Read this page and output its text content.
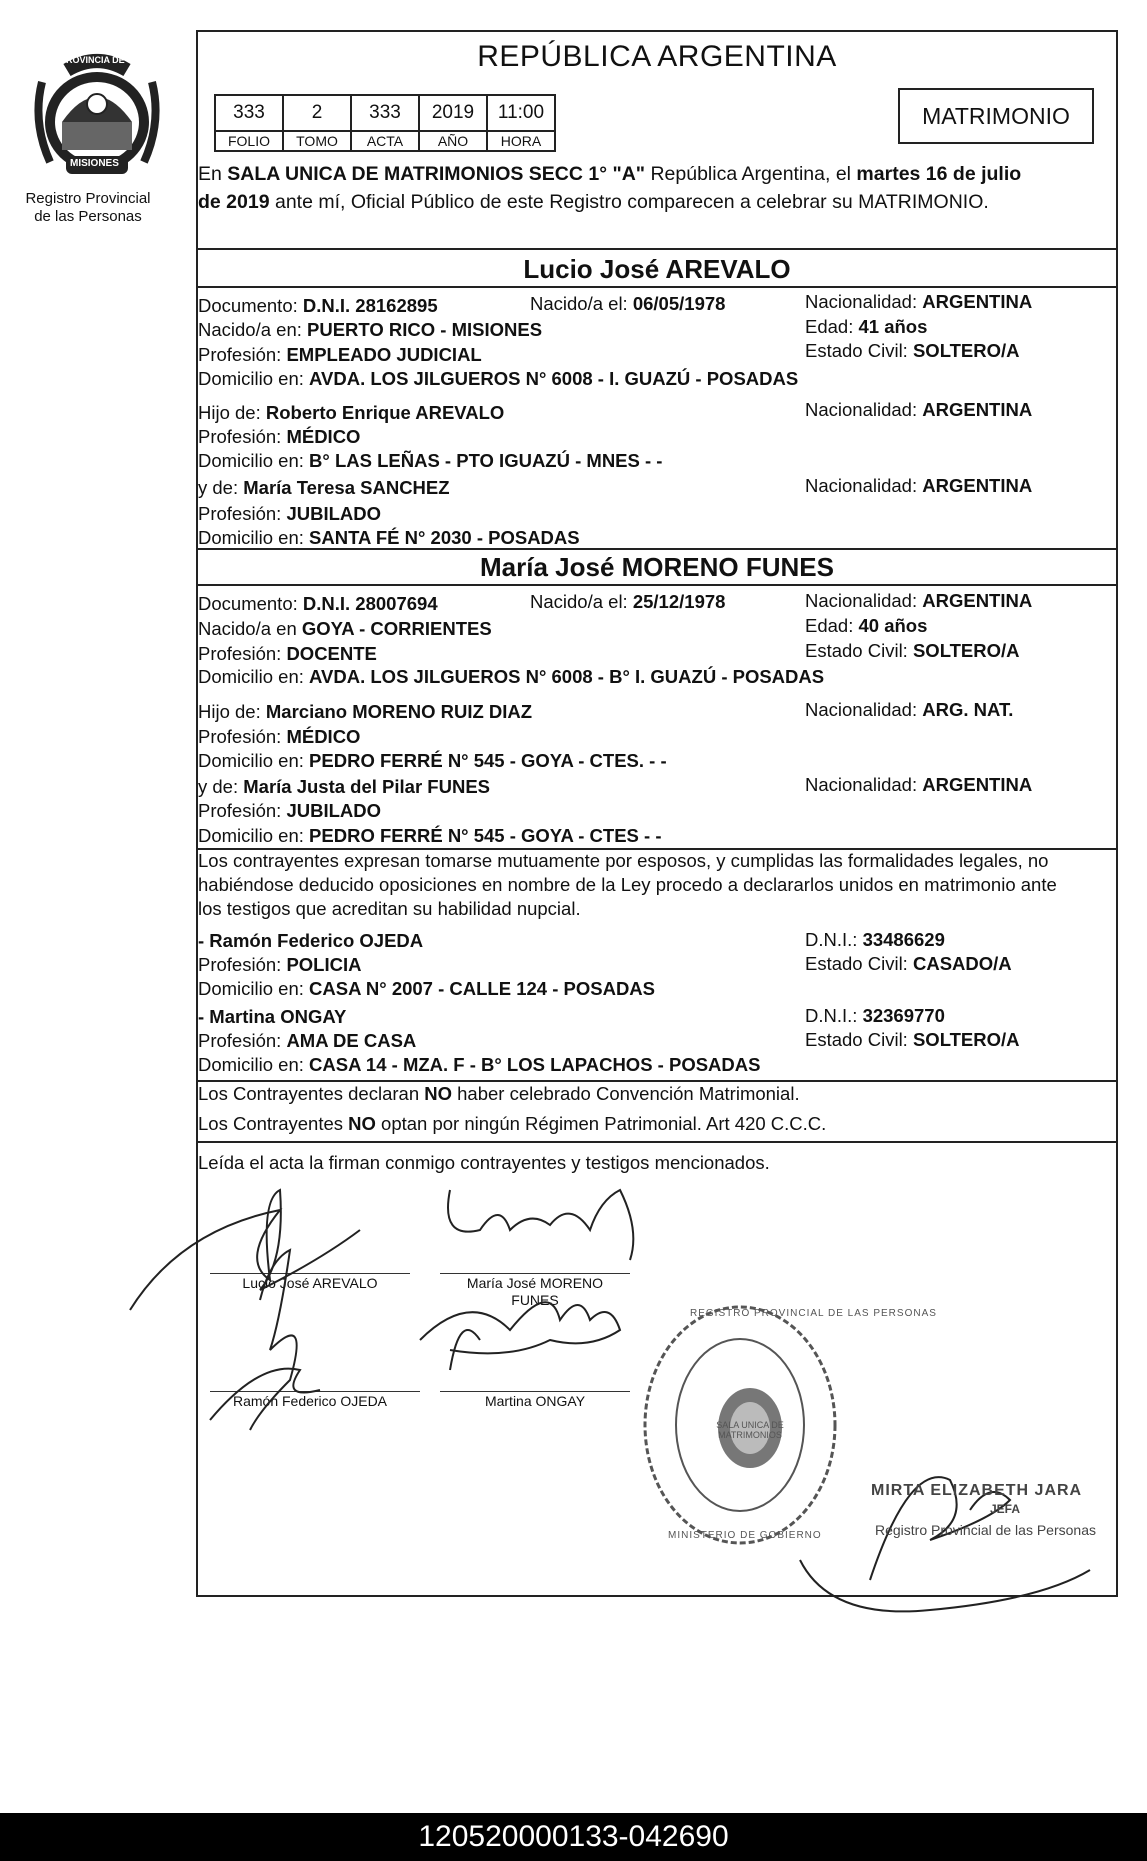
Registro Provincial
de las Personas
PROVINCIA DE
MISIONES
REPÚBLICA ARGENTINA
333	2	333	2019	11:00
FOLIO	TOMO	ACTA	AÑO	HORA
MATRIMONIO
En SALA UNICA DE MATRIMONIOS SECC 1° "A" República Argentina, el martes 16 de julio
de 2019 ante mí, Oficial Público de este Registro comparecen a celebrar su MATRIMONIO.
Lucio José AREVALO
Documento: D.N.I. 28162895	Nacido/a el: 06/05/1978	Nacionalidad: ARGENTINA
Nacido/a en: PUERTO RICO - MISIONES	Edad: 41 años
Profesión: EMPLEADO JUDICIAL	Estado Civil: SOLTERO/A
Domicilio en: AVDA. LOS JILGUEROS N° 6008 - I. GUAZÚ - POSADAS
Hijo de: Roberto Enrique AREVALO	Nacionalidad: ARGENTINA
Profesión: MÉDICO
Domicilio en: B° LAS LEÑAS - PTO IGUAZÚ - MNES - -
y de: María Teresa SANCHEZ	Nacionalidad: ARGENTINA
Profesión: JUBILADO
Domicilio en: SANTA FÉ N° 2030 - POSADAS
María José MORENO FUNES
Documento: D.N.I. 28007694	Nacido/a el: 25/12/1978	Nacionalidad: ARGENTINA
Nacido/a en GOYA - CORRIENTES	Edad: 40 años
Profesión: DOCENTE	Estado Civil: SOLTERO/A
Domicilio en: AVDA. LOS JILGUEROS N° 6008 - B° I. GUAZÚ - POSADAS
Hijo de: Marciano MORENO RUIZ DIAZ	Nacionalidad: ARG. NAT.
Profesión: MÉDICO
Domicilio en: PEDRO FERRÉ N° 545 - GOYA - CTES. - -
y de: María Justa del Pilar FUNES	Nacionalidad: ARGENTINA
Profesión: JUBILADO
Domicilio en: PEDRO FERRÉ N° 545 - GOYA - CTES - -
Los contrayentes expresan tomarse mutuamente por esposos, y cumplidas las formalidades legales, no
habiéndose deducido oposiciones en nombre de la Ley procedo a declararlos unidos en matrimonio ante
los testigos que acreditan su habilidad nupcial.
- Ramón Federico OJEDA	D.N.I.: 33486629
Profesión: POLICIA	Estado Civil: CASADO/A
Domicilio en: CASA N° 2007 - CALLE 124 - POSADAS
- Martina ONGAY	D.N.I.: 32369770
Profesión: AMA DE CASA	Estado Civil: SOLTERO/A
Domicilio en: CASA 14 - MZA. F - B° LOS LAPACHOS - POSADAS
Los Contrayentes declaran NO haber celebrado Convención Matrimonial.
Los Contrayentes NO optan por ningún Régimen Patrimonial. Art 420 C.C.C.
Leída el acta la firman conmigo contrayentes y testigos mencionados.
Lucio José AREVALO	María José MORENO FUNES
Ramón Federico OJEDA	Martina ONGAY
REGISTRO PROVINCIAL DE LAS PERSONAS
MINISTERIO DE GOBIERNO
SALA UNICA DE MATRIMONIOS
MIRTA ELIZABETH JARA
JEFA
Registro Provincial de las Personas
120520000133-042690
